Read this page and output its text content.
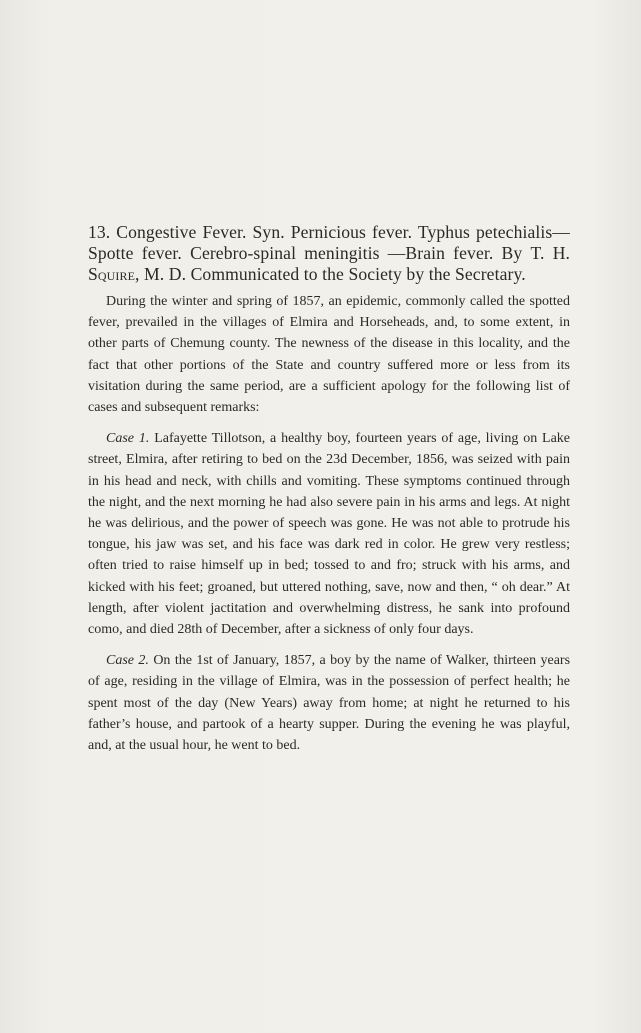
13. Congestive Fever. Syn. Pernicious fever. Typhus petechialis—Spotte fever. Cerebro-spinal meningitis —Brain fever. By T. H. Squire, M. D. Communicated to the Society by the Secretary.

During the winter and spring of 1857, an epidemic, commonly called the spotted fever, prevailed in the villages of Elmira and Horseheads, and, to some extent, in other parts of Chemung county. The newness of the disease in this locality, and the fact that other portions of the State and country suffered more or less from its visitation during the same period, are a sufficient apology for the following list of cases and subsequent remarks:

Case 1. Lafayette Tillotson, a healthy boy, fourteen years of age, living on Lake street, Elmira, after retiring to bed on the 23d December, 1856, was seized with pain in his head and neck, with chills and vomiting. These symptoms continued through the night, and the next morning he had also severe pain in his arms and legs. At night he was delirious, and the power of speech was gone. He was not able to protrude his tongue, his jaw was set, and his face was dark red in color. He grew very restless; often tried to raise himself up in bed; tossed to and fro; struck with his arms, and kicked with his feet; groaned, but uttered nothing, save, now and then, “ oh dear.” At length, after violent jactitation and overwhelming distress, he sank into profound como, and died 28th of December, after a sickness of only four days.

Case 2. On the 1st of January, 1857, a boy by the name of Walker, thirteen years of age, residing in the village of Elmira, was in the possession of perfect health; he spent most of the day (New Years) away from home; at night he returned to his father’s house, and partook of a hearty supper. During the evening he was playful, and, at the usual hour, he went to bed.
